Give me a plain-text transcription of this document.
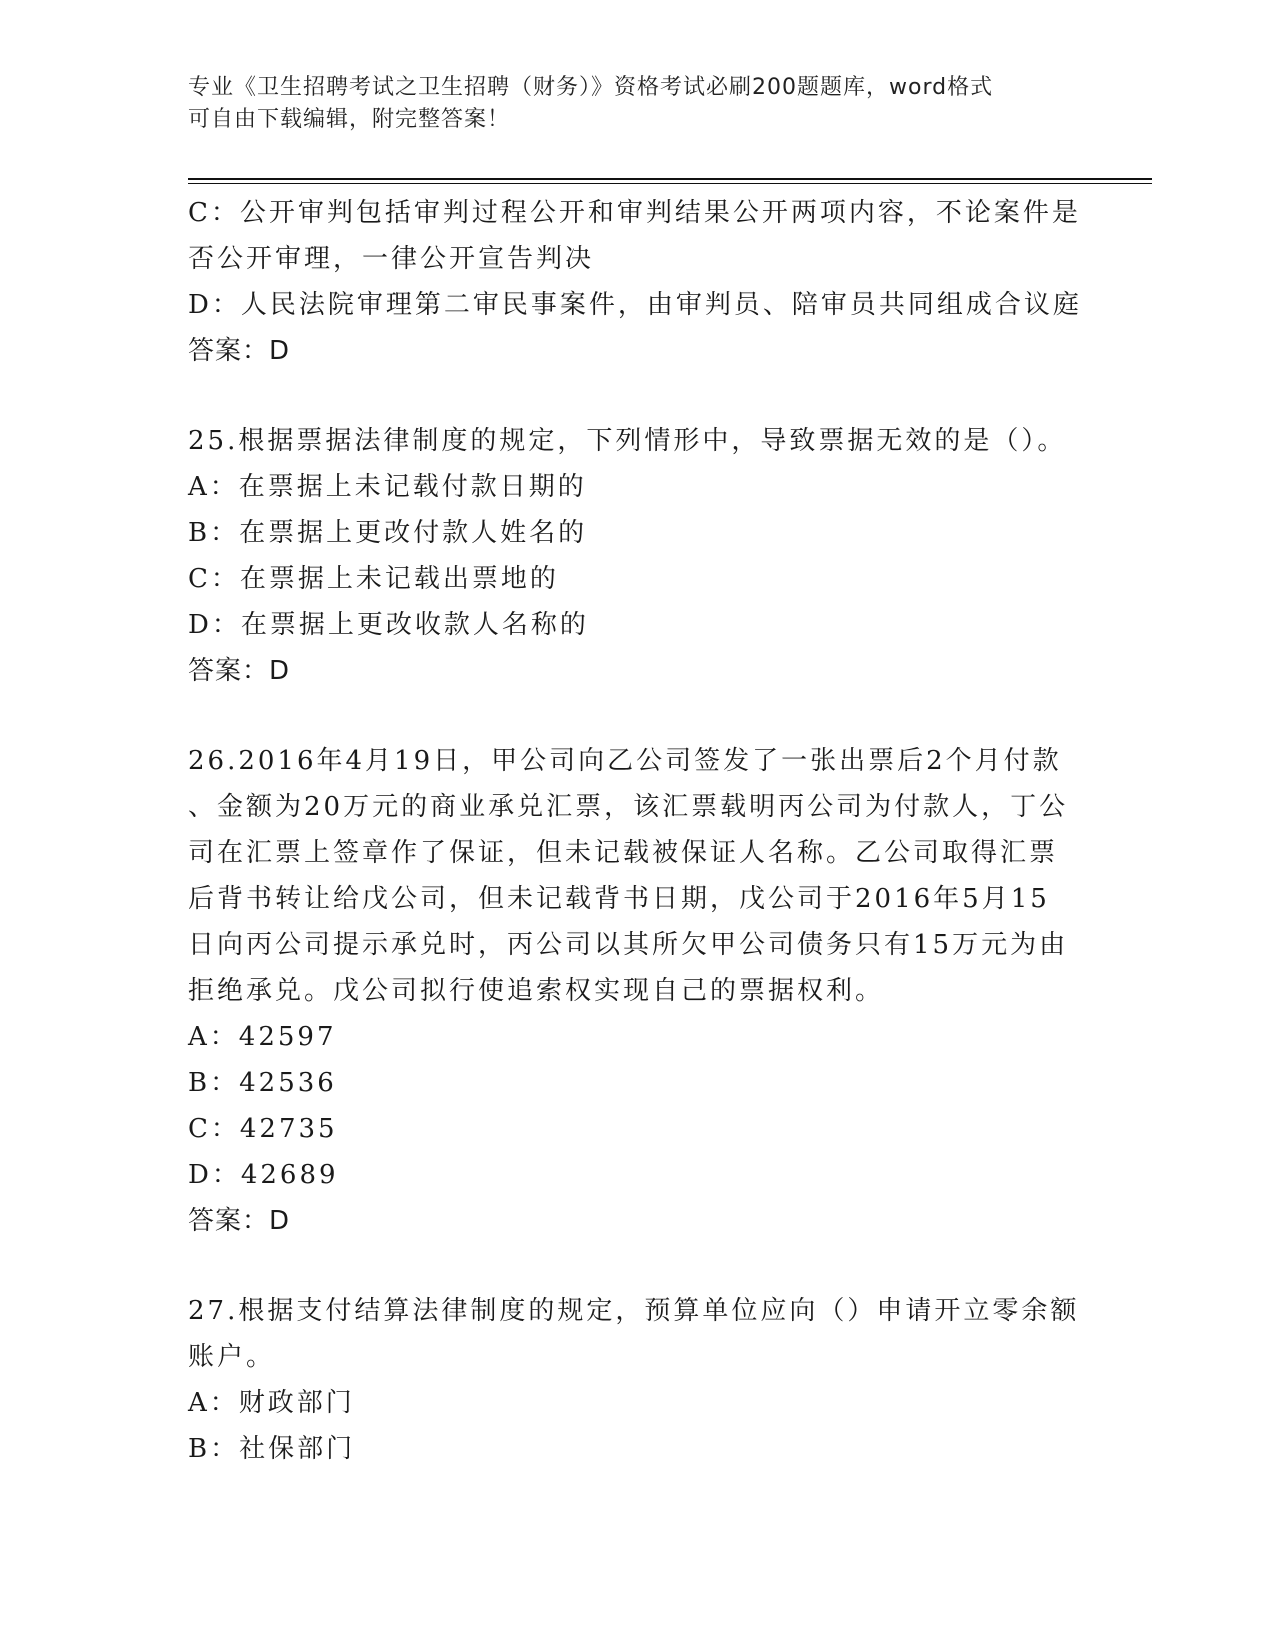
专业《卫生招聘考试之卫生招聘（财务）》资格考试必刷200题题库，word格式
可自由下载编辑，附完整答案！
C：公开审判包括审判过程公开和审判结果公开两项内容，不论案件是
否公开审理，一律公开宣告判决
D：人民法院审理第二审民事案件，由审判员、陪审员共同组成合议庭
答案：D
25.根据票据法律制度的规定，下列情形中，导致票据无效的是（）。
A：在票据上未记载付款日期的
B：在票据上更改付款人姓名的
C：在票据上未记载出票地的
D：在票据上更改收款人名称的
答案：D
26.2016年4月19日，甲公司向乙公司签发了一张出票后2个月付款
、金额为20万元的商业承兑汇票，该汇票载明丙公司为付款人，丁公
司在汇票上签章作了保证，但未记载被保证人名称。乙公司取得汇票
后背书转让给戊公司，但未记载背书日期，戊公司于2016年5月15
日向丙公司提示承兑时，丙公司以其所欠甲公司债务只有15万元为由
拒绝承兑。戊公司拟行使追索权实现自己的票据权利。
A：42597
B：42536
C：42735
D：42689
答案：D
27.根据支付结算法律制度的规定，预算单位应向（）申请开立零余额
账户。
A：财政部门
B：社保部门
